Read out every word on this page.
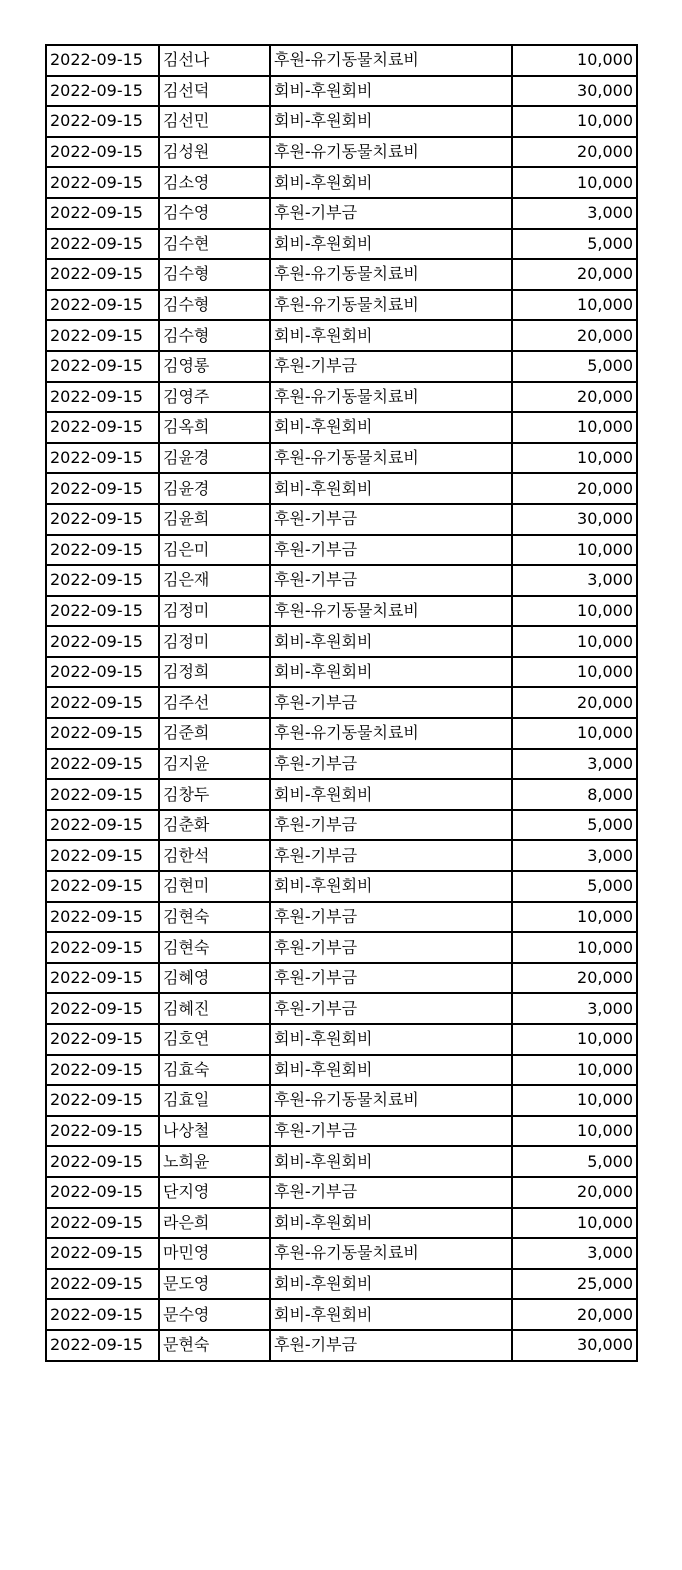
2022-09-15	김선나	후원-유기동물치료비	10,000
2022-09-15	김선덕	회비-후원회비	30,000
2022-09-15	김선민	회비-후원회비	10,000
2022-09-15	김성원	후원-유기동물치료비	20,000
2022-09-15	김소영	회비-후원회비	10,000
2022-09-15	김수영	후원-기부금	3,000
2022-09-15	김수현	회비-후원회비	5,000
2022-09-15	김수형	후원-유기동물치료비	20,000
2022-09-15	김수형	후원-유기동물치료비	10,000
2022-09-15	김수형	회비-후원회비	20,000
2022-09-15	김영롱	후원-기부금	5,000
2022-09-15	김영주	후원-유기동물치료비	20,000
2022-09-15	김옥희	회비-후원회비	10,000
2022-09-15	김윤경	후원-유기동물치료비	10,000
2022-09-15	김윤경	회비-후원회비	20,000
2022-09-15	김윤희	후원-기부금	30,000
2022-09-15	김은미	후원-기부금	10,000
2022-09-15	김은재	후원-기부금	3,000
2022-09-15	김정미	후원-유기동물치료비	10,000
2022-09-15	김정미	회비-후원회비	10,000
2022-09-15	김정희	회비-후원회비	10,000
2022-09-15	김주선	후원-기부금	20,000
2022-09-15	김준희	후원-유기동물치료비	10,000
2022-09-15	김지윤	후원-기부금	3,000
2022-09-15	김창두	회비-후원회비	8,000
2022-09-15	김춘화	후원-기부금	5,000
2022-09-15	김한석	후원-기부금	3,000
2022-09-15	김현미	회비-후원회비	5,000
2022-09-15	김현숙	후원-기부금	10,000
2022-09-15	김현숙	후원-기부금	10,000
2022-09-15	김혜영	후원-기부금	20,000
2022-09-15	김혜진	후원-기부금	3,000
2022-09-15	김호연	회비-후원회비	10,000
2022-09-15	김효숙	회비-후원회비	10,000
2022-09-15	김효일	후원-유기동물치료비	10,000
2022-09-15	나상철	후원-기부금	10,000
2022-09-15	노희윤	회비-후원회비	5,000
2022-09-15	단지영	후원-기부금	20,000
2022-09-15	라은희	회비-후원회비	10,000
2022-09-15	마민영	후원-유기동물치료비	3,000
2022-09-15	문도영	회비-후원회비	25,000
2022-09-15	문수영	회비-후원회비	20,000
2022-09-15	문현숙	후원-기부금	30,000
